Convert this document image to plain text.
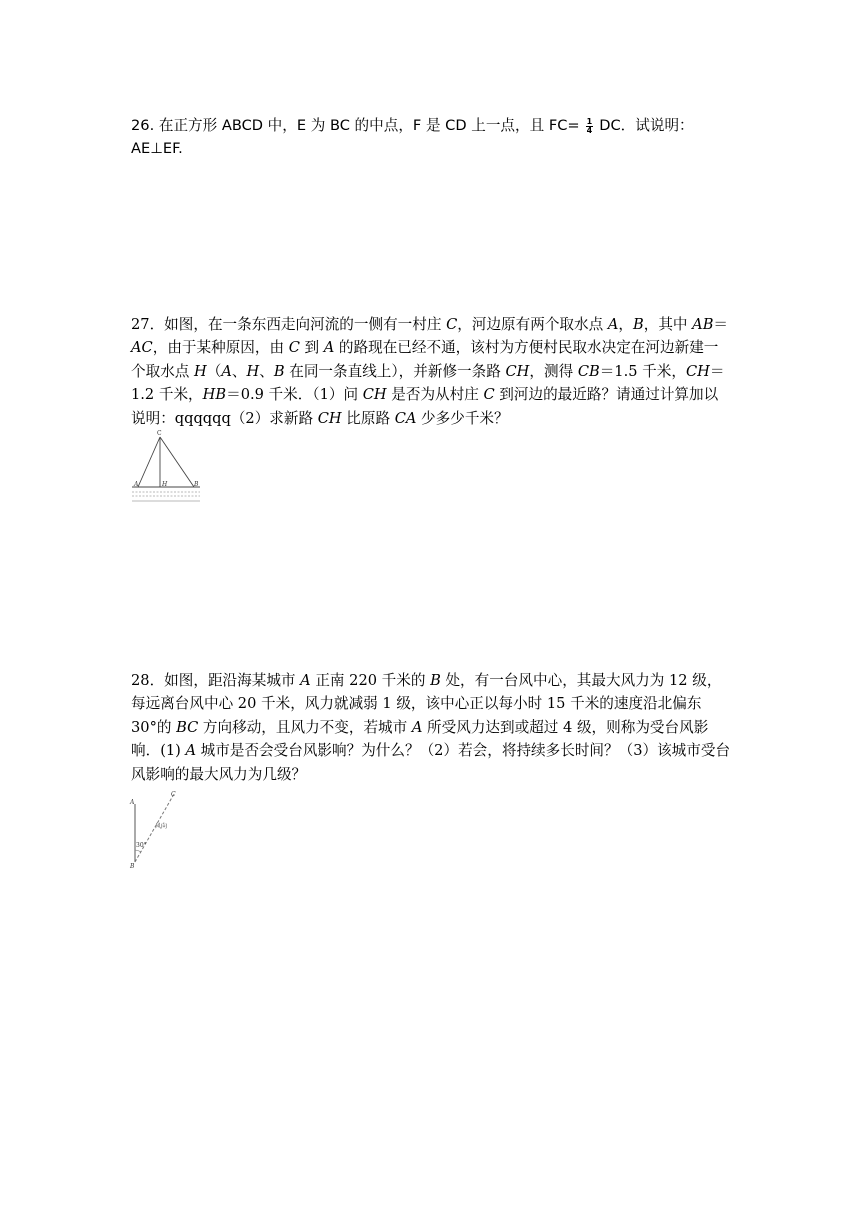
26. 在正方形 ABCD 中，E 为 BC 的中点，F 是 CD 上一点，且 $FC= \frac{1}{4}$ DC．试说明：AE⊥EF.
27．如图，在一条东西走向河流的一侧有一村庄 C，河边原有两个取水点 A，B，其中 AB＝AC，由于某种原因，由 C 到 A 的路现在已经不通，该村为方便村民取水决定在河边新建一个取水点 H（A、H、B 在同一条直线上），并新修一条路 CH，测得 CB＝1.5 千米，CH＝1.2 千米，HB＝0.9 千米．（1）问 CH 是否为从村庄 C 到河边的最近路？请通过计算加以说明：qqqqqq（2）求新路 CH 比原路 CA 少多少千米？
C
A	H	B
28．如图，距沿海某城市 A 正南 220 千米的 B 处，有一台风中心，其最大风力为 12 级，每远离台风中心 20 千米，风力就减弱 1 级，该中心正以每小时 15 千米的速度沿北偏东 30°的 BC 方向移动，且风力不变，若城市 A 所受风力达到或超过 4 级，则称为受台风影响．(1) A 城市是否会受台风影响？为什么？（2）若会，将持续多长时间？（3）该城市受台风影响的最大风力为几级？
A
B
C
风向
30°
